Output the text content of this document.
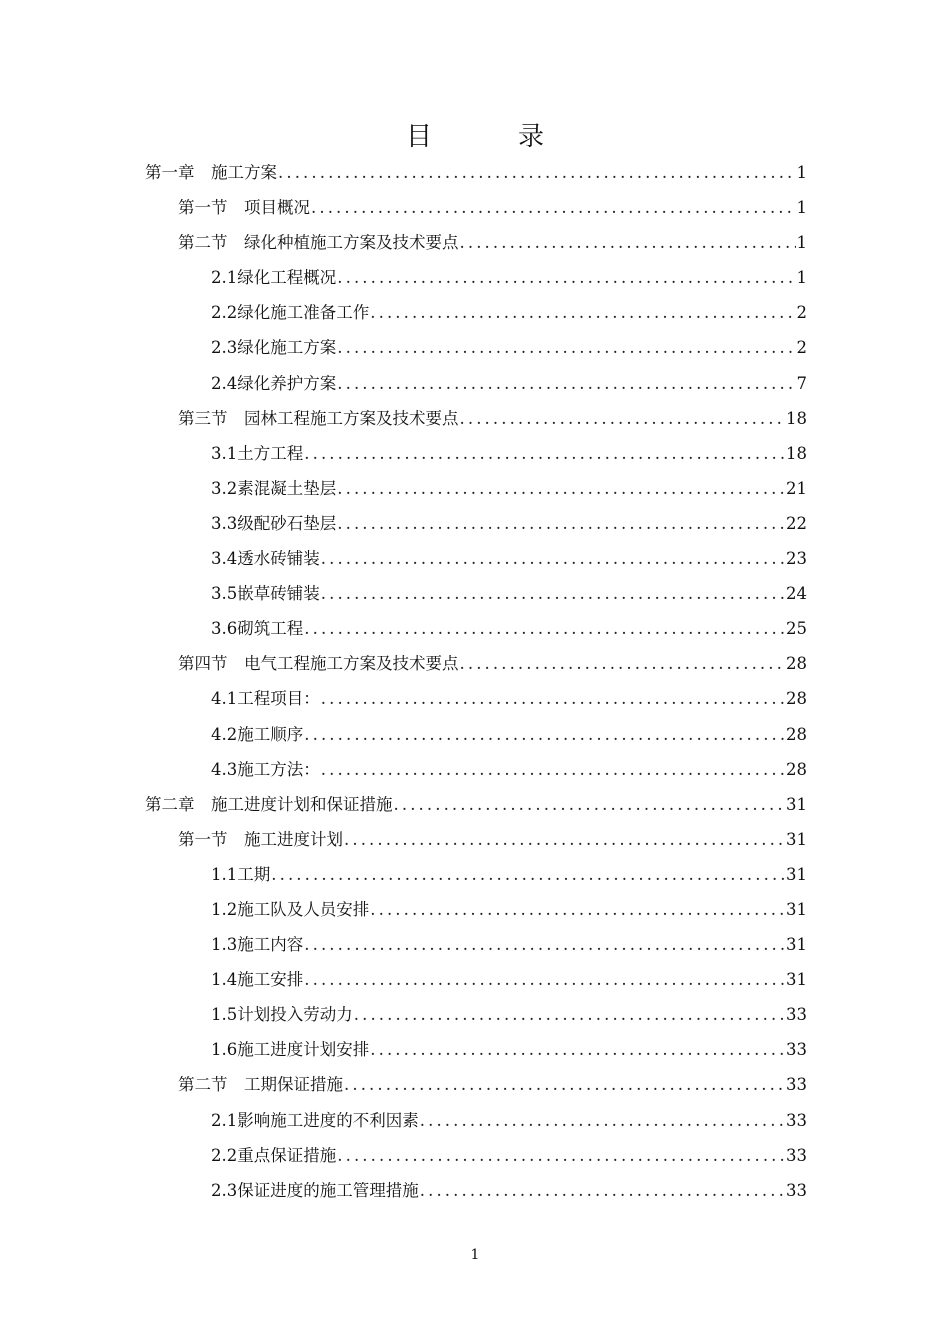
目	录
第一章 施工方案 .....	1
第一节 项目概况 .....	1
第二节 绿化种植施工方案及技术要点 .....	1
2.1绿化工程概况 .....	1
2.2绿化施工准备工作 .....	2
2.3绿化施工方案 .....	2
2.4绿化养护方案 .....	7
第三节 园林工程施工方案及技术要点 .....	18
3.1土方工程 .....	18
3.2素混凝土垫层 .....	21
3.3级配砂石垫层 .....	22
3.4透水砖铺装 .....	23
3.5嵌草砖铺装 .....	24
3.6砌筑工程 .....	25
第四节 电气工程施工方案及技术要点 .....	28
4.1工程项目： .....	28
4.2施工顺序 .....	28
4.3施工方法： .....	28
第二章 施工进度计划和保证措施 .....	31
第一节 施工进度计划 .....	31
1.1工期 .....	31
1.2施工队及人员安排 .....	31
1.3施工内容 .....	31
1.4施工安排 .....	31
1.5计划投入劳动力 .....	33
1.6施工进度计划安排 .....	33
第二节 工期保证措施 .....	33
2.1影响施工进度的不利因素 .....	33
2.2重点保证措施 .....	33
2.3保证进度的施工管理措施 .....	33
1
